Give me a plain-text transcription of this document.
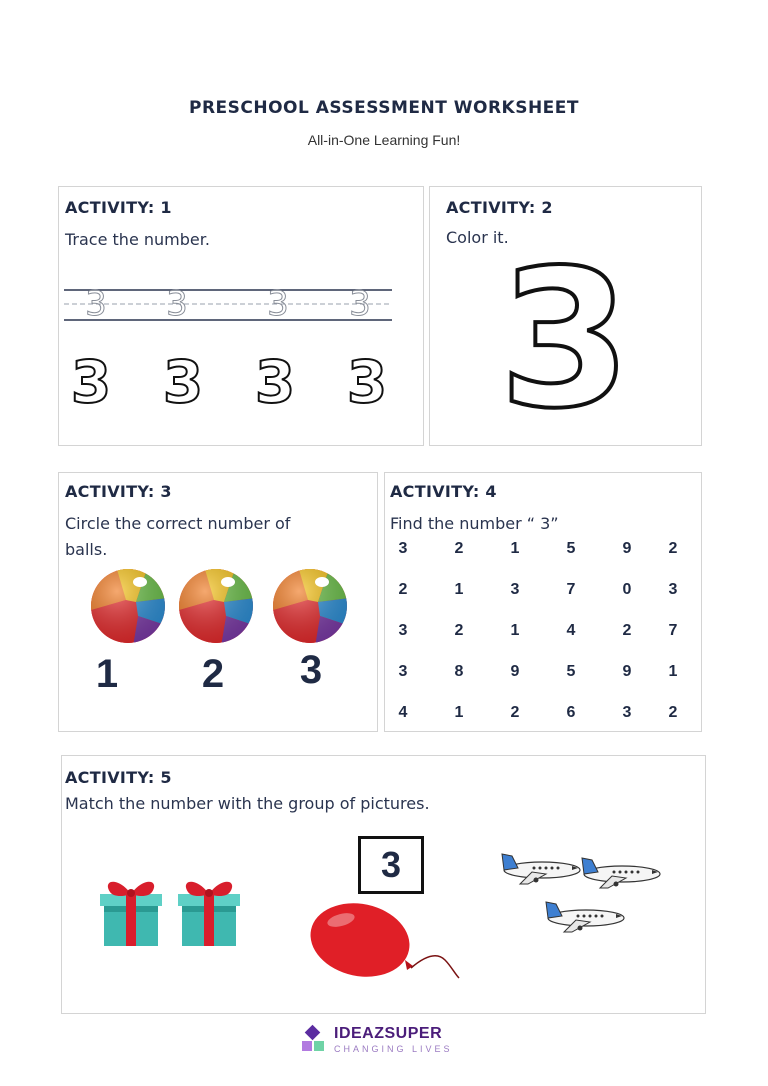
PRESCHOOL ASSESSMENT WORKSHEET

All-in-One Learning Fun!

ACTIVITY: 1
Trace the number.
3 3 3 3
3 3 3 3
ACTIVITY: 2
Color it.
3
ACTIVITY: 3
Circle the correct number of
balls.
1	2	3
ACTIVITY: 4
Find the number “ 3”
3	2	1	5	9	2
2	1	3	7	0	3
3	2	1	4	2	7
3	8	9	5	9	1
4	1	2	6	3	2
ACTIVITY: 5
Match the number with the group of pictures.
3
IDEAZSUPER
CHANGING LIVES
